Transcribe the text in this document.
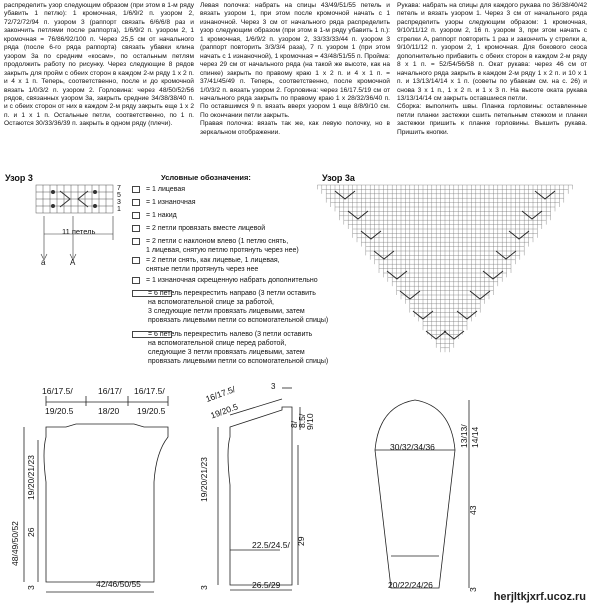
распределить узор следующим образом (при этом в 1-м ряду убавить 1 петлю): 1 кромочная, 1/6/9/2 п. узором 2, 72/72/72/94 п. узором 3 (раппорт связать 6/6/6/8 раз и закончить петлями после раппорта), 1/6/9/2 п. узором 2, 1 кромочная = 76/86/92/100 п. Через 25,5 см от начального ряда (после 6-го ряда раппорта) связать убавки клина узором 3а по средним «косам», по остальным петлям продолжить работу по рисунку. Через следующие 8 рядов закрыть для пройм с обеих сторон в каждом 2-м ряду 1 х 2 п. и 4 х 1 п. Теперь, соответственно, после и до кромочной вязать 1/0/3/2 п. узором 2. Горловина: через 48/50/52/56 рядов, связанных узором 3а, закрыть средние 34/38/38/40 п. и с обеих сторон от них в каждом 2-м ряду закрыть еще 1 х 2 п. и 1 х 1 п. Остальные петли, соответственно, по 1 п. Остаются 30/33/36/39 п. закрыть в одном ряду (плечи).
Левая полочка: набрать на спицы 43/49/51/55 петель и вязать узором 1, при этом после кромочной начать с 1 изнаночной. Через 3 см от начального ряда распределить узор следующим образом (при этом в 1-м ряду убавить 1 п.): 1 кромочная, 1/6/9/2 п. узором 2, 33/33/33/44 п. узором 3 (раппорт повторить 3/3/3/4 раза), 7 п. узором 1 (при этом начать с 1 изнаночной), 1 кромочная = 43/48/51/55 п. Пройма: через 29 см от начального ряда (на такой же высоте, как на спинке) закрыть по правому краю 1 х 2 п. и 4 х 1 п. = 37/41/45/49 п. Теперь, соответственно, после кромочной 1/0/3/2 п. вязать узором 2. Горловина: через 16/17.5/19 см от начального ряда закрыть по правому краю 1 х 28/32/36/40 п. По оставшимся 9 п. вязать вверх узором 1 еще 8/8/9/10 см. По окончании петли закрыть.
Правая полочка: вязать так же, как левую полочку, но в зеркальном отображении.
Рукава: набрать на спицы для каждого рукава по 36/38/40/42 петель и вязать узором 1. Через 3 см от начального ряда распределить узоры следующим образом: 1 кромочная, 9/10/11/12 п. узором 2, 16 п. узором 3, при этом начать с стрелки А, раппорт повторить 1 раз и закончить у стрелки а, 9/10/11/12 п. узором 2, 1 кромочная. Для бокового скоса дополнительно прибавить с обеих сторон в каждом 2-м ряду 8 х 1 п. = 52/54/56/58 п. Окат рукава: через 46 см от начального ряда закрыть в каждом 2-м ряду 1 х 2 п. и 10 х 1 п. и 13/13/14/14 х 1 п. (советы по убавкам см. на с. 26) и снова 3 х 1 п., 1 х 2 п. и 1 х 3 п. На высоте оката рукава 13/13/14/14 см закрыть оставшиеся петли.
Сборка: выполнить швы. Планка горловины: оставленные петли планки застежки сшить петельным стежком и планки застежки пришить к планке горловины. Вышить рукава. Пришить кнопки.
Узор 3	Узор 3а
7
5
3
1
11 петель
а	А
Условные обозначения:
= 1 лицевая
= 1 изнаночная
= 1 накид
= 2 петли провязать вместе лицевой
= 2 петли с наклоном влево (1 петлю снять,
1 лицевая, снятую петлю протянуть через нее)
= 2 петли снять, как лицевые, 1 лицевая,
снятые петли протянуть через нее
= 1 изнаночная скрещенную набрать дополнительно
= 6 петель перекрестить направо (3 петли оставить
на вспомогательной спице за работой,
3 следующие петли провязать лицевыми, затем
провязать лицевыми петли со вспомогательной спицы)
= 6 петель перекрестить налево (3 петли оставить
на вспомогательной спице перед работой,
следующие 3 петли провязать лицевыми, затем
провязать лицевыми петли со вспомогательной спицы)
16/17.5/
19/20.5
16/17/
18/20
16/17.5/
19/20.5
48/49/50/52
19/20/21/23
26
3	42/46/50/55
3
8/
8.5/
9/10
16/17.5/
19/20.5
19/20/21/23
29
3
22.5/24.5/
26.5/29
13/13/ 14/14
30/32/34/36
43
3
20/22/24/26
herjltkjxrf.ucoz.ru
